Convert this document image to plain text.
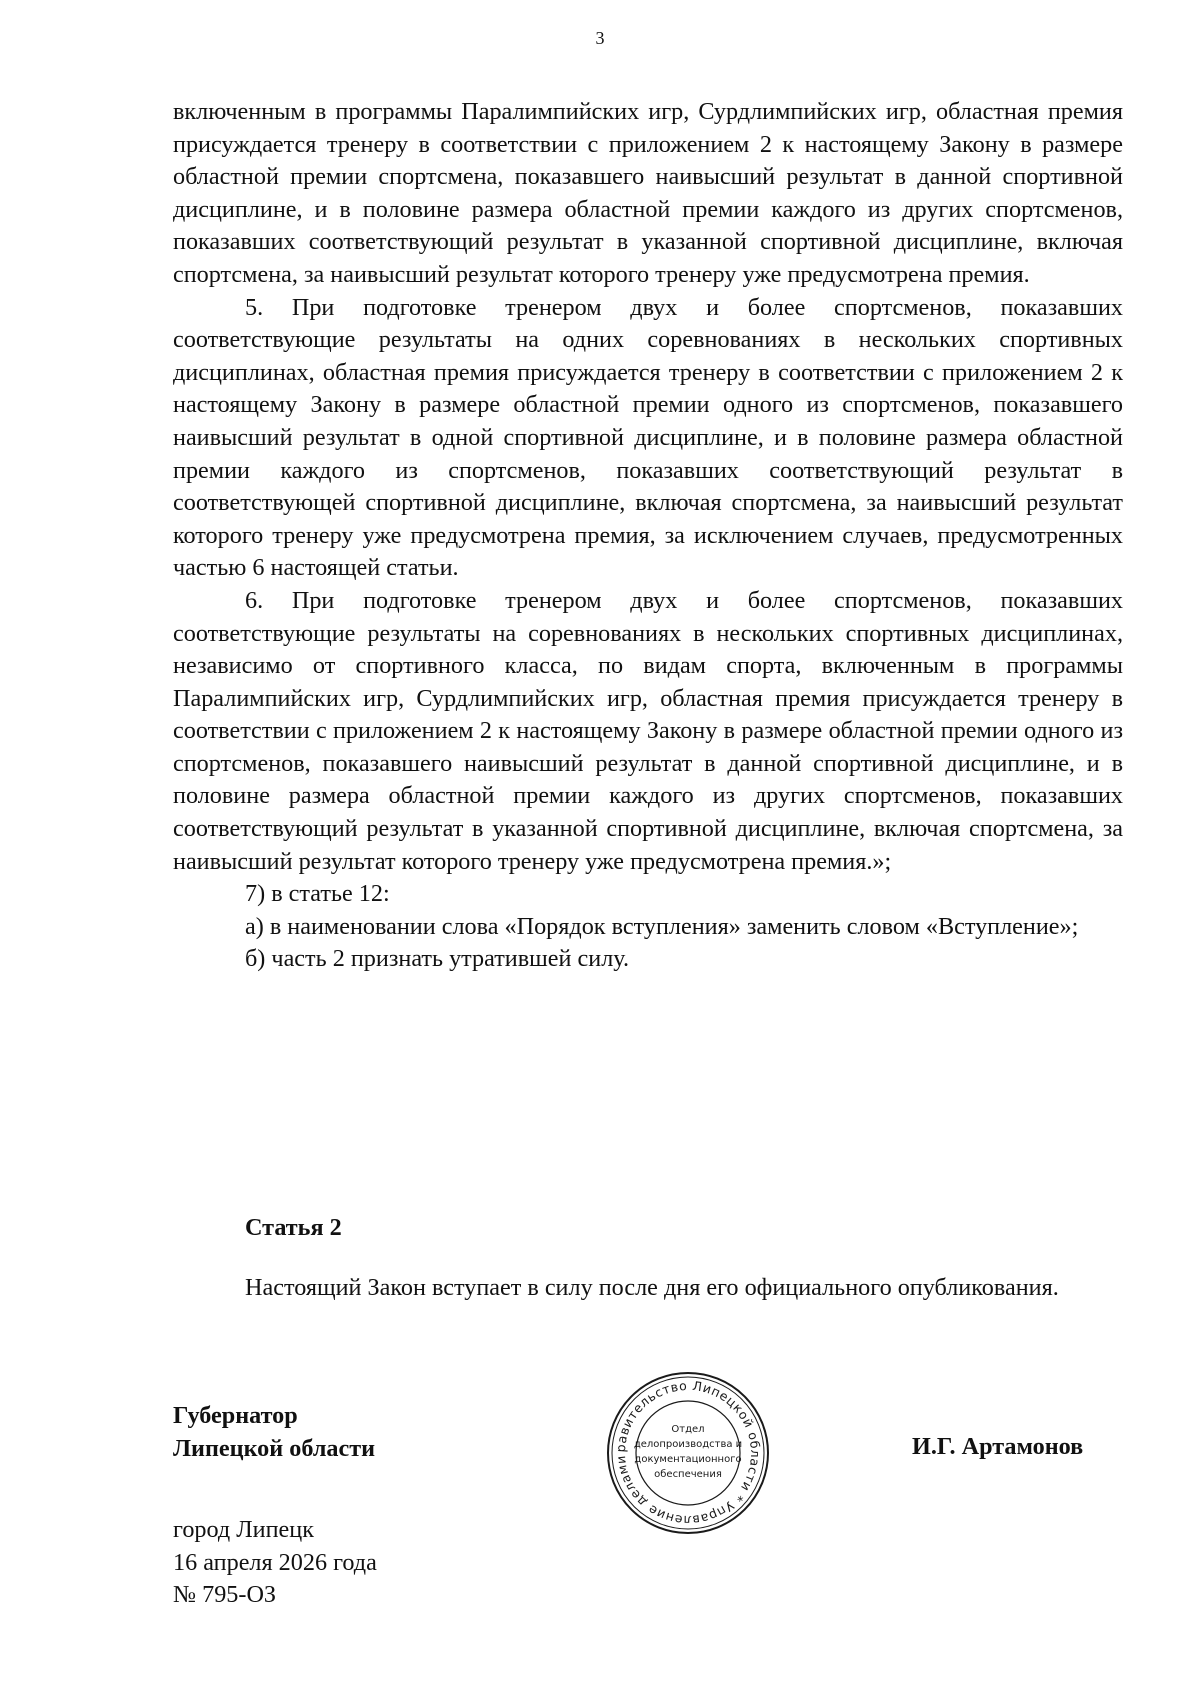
3

включенным в программы Паралимпийских игр, Сурдлимпийских игр, областная премия присуждается тренеру в соответствии с приложением 2 к настоящему Закону в размере областной премии спортсмена, показавшего наивысший результат в данной спортивной дисциплине, и в половине размера областной премии каждого из других спортсменов, показавших соответствующий результат в указанной спортивной дисциплине, включая спортсмена, за наивысший результат которого тренеру уже предусмотрена премия.

5. При подготовке тренером двух и более спортсменов, показавших соответствующие результаты на одних соревнованиях в нескольких спортивных дисциплинах, областная премия присуждается тренеру в соответствии с приложением 2 к настоящему Закону в размере областной премии одного из спортсменов, показавшего наивысший результат в одной спортивной дисциплине, и в половине размера областной премии каждого из спортсменов, показавших соответствующий результат в соответствующей спортивной дисциплине, включая спортсмена, за наивысший результат которого тренеру уже предусмотрена премия, за исключением случаев, предусмотренных частью 6 настоящей статьи.

6. При подготовке тренером двух и более спортсменов, показавших соответствующие результаты на соревнованиях в нескольких спортивных дисциплинах, независимо от спортивного класса, по видам спорта, включенным в программы Паралимпийских игр, Сурдлимпийских игр, областная премия присуждается тренеру в соответствии с приложением 2 к настоящему Закону в размере областной премии одного из спортсменов, показавшего наивысший результат в данной спортивной дисциплине, и в половине размера областной премии каждого из других спортсменов, показавших соответствующий результат в указанной спортивной дисциплине, включая спортсмена, за наивысший результат которого тренеру уже предусмотрена премия.»;

7) в статье 12:

а) в наименовании слова «Порядок вступления» заменить словом «Вступление»;

б) часть 2 признать утратившей силу.

Статья 2

Настоящий Закон вступает в силу после дня его официального опубликования.

Губернатор
Липецкой области	И.Г. Артамонов
равительство Липецкой области * Управление делами
Отдел
делопроизводства и
документационного
обеспечения
город Липецк
16 апреля 2026 года
№ 795-ОЗ
